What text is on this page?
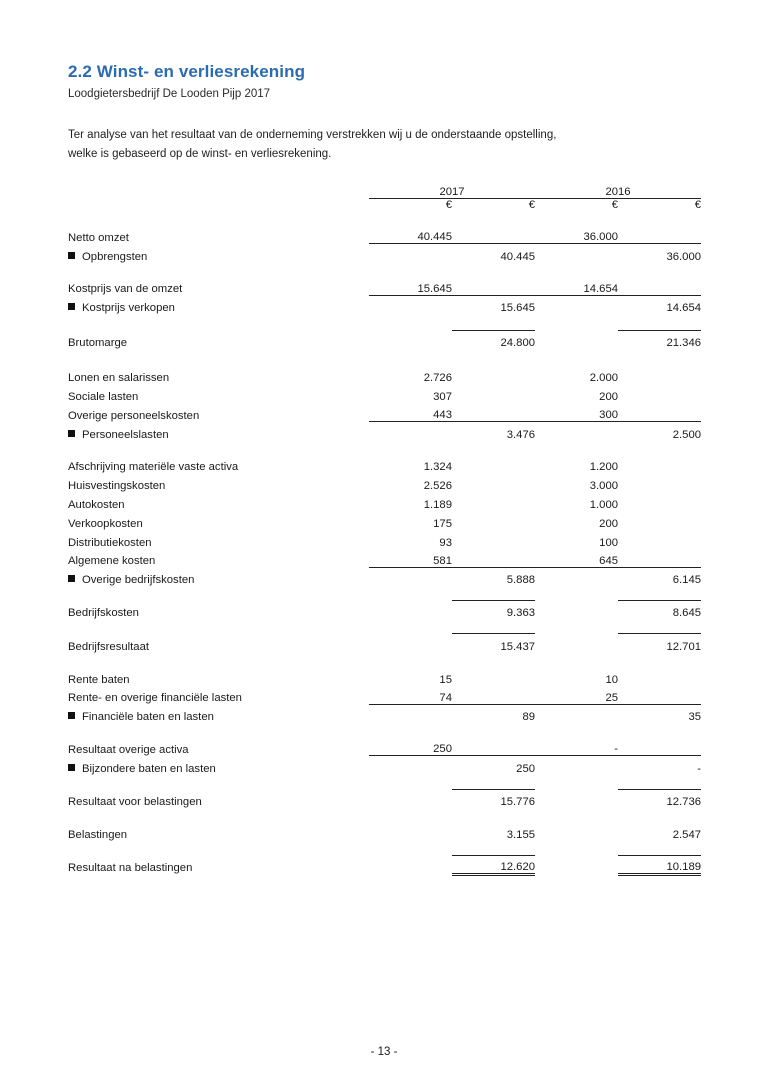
2.2 Winst- en verliesrekening
Loodgietersbedrijf De Looden Pijp 2017

Ter analyse van het resultaat van de onderneming verstrekken wij u de onderstaande opstelling,
welke is gebaseerd op de winst- en verliesrekening.

	2017		2016	
	€	€	€	€

Netto omzet	40.445		36.000	
Opbrengsten		40.445		36.000

Kostprijs van de omzet	15.645		14.654	
Kostprijs verkopen		15.645		14.654

Brutomarge		24.800		21.346

Lonen en salarissen	2.726		2.000	
Sociale lasten	307		200	
Overige personeelskosten	443		300	
Personeelslasten		3.476		2.500

Afschrijving materiële vaste activa	1.324		1.200	
Huisvestingskosten	2.526		3.000	
Autokosten	1.189		1.000	
Verkoopkosten	175		200	
Distributiekosten	93		100	
Algemene kosten	581		645	
Overige bedrijfskosten		5.888		6.145

Bedrijfskosten		9.363		8.645

Bedrijfsresultaat		15.437		12.701

Rente baten	15		10	
Rente- en overige financiële lasten	74		25	
Financiële baten en lasten		89		35

Resultaat overige activa	250		-	
Bijzondere baten en lasten		250		-

Resultaat voor belastingen		15.776		12.736

Belastingen		3.155		2.547

Resultaat na belastingen		12.620		10.189
- 13 -
